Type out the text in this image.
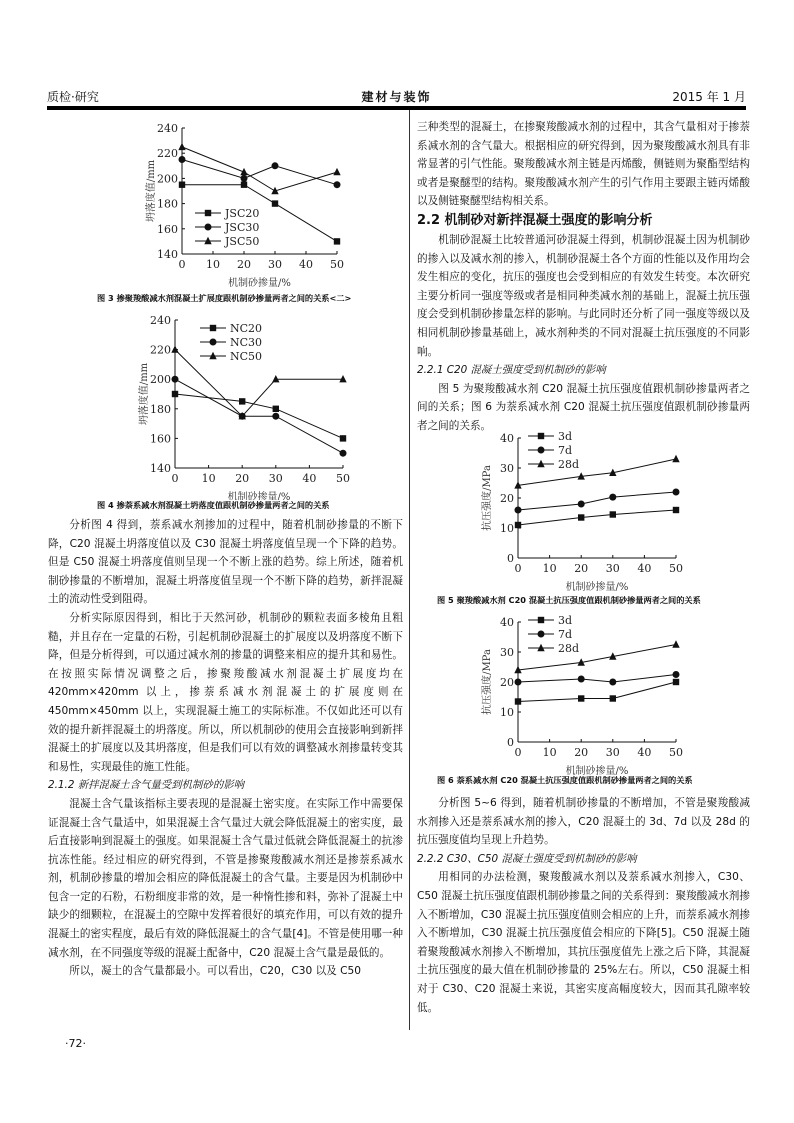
质检·研究	建材与装饰	2015 年 1 月
140
160
180
200
220
240
0 10 20 30 40 50
机制砂掺量/%
坍落度值/mm	JSC20
JSC30
JSC50
图 3 掺聚羧酸减水剂混凝土扩展度跟机制砂掺量两者之间的关系<二>
140
160
180
200
220
240
0 10 20 30 40 50
机制砂掺量/%
坍落度值/mm
NC20
NC30
NC50
图 4 掺萘系减水剂混凝土坍落度值跟机制砂掺量两者之间的关系

分析图 4 得到，萘系减水剂掺加的过程中，随着机制砂掺量的不断下降，C20 混凝土坍落度值以及 C30 混凝土坍落度值呈现一个下降的趋势。但是 C50 混凝土坍落度值则呈现一个不断上涨的趋势。综上所述，随着机制砂掺量的不断增加，混凝土坍落度值呈现一个不断下降的趋势，新拌混凝土的流动性受到阻碍。

分析实际原因得到，相比于天然河砂，机制砂的颗粒表面多棱角且粗糙，并且存在一定量的石粉，引起机制砂混凝土的扩展度以及坍落度不断下降，但是分析得到，可以通过减水剂的掺量的调整来相应的提升其和易性。在按照实际情况调整之后，掺聚羧酸减水剂混凝土扩展度均在 420mm×420mm 以上，掺萘系减水剂混凝土的扩展度则在 450mm×450mm 以上，实现混凝土施工的实际标准。不仅如此还可以有效的提升新拌混凝土的坍落度。所以，所以机制砂的使用会直接影响到新拌混凝土的扩展度以及其坍落度，但是我们可以有效的调整减水剂掺量转变其和易性，实现最佳的施工性能。

2.1.2 新拌混凝土含气量受到机制砂的影响

混凝土含气量该指标主要表现的是混凝土密实度。在实际工作中需要保证混凝土含气量适中，如果混凝土含气量过大就会降低混凝土的密实度，最后直接影响到混凝土的强度。如果混凝土含气量过低就会降低混凝土的抗渗抗冻性能。经过相应的研究得到，不管是掺聚羧酸减水剂还是掺萘系减水剂，机制砂掺量的增加会相应的降低混凝土的含气量。主要是因为机制砂中包含一定的石粉，石粉细度非常的效，是一种惰性掺和料，弥补了混凝土中缺少的细颗粒，在混凝土的空隙中发挥着很好的填充作用，可以有效的提升混凝土的密实程度，最后有效的降低混凝土的含气量[4]。不管是使用哪一种减水剂，在不同强度等级的混凝土配备中，C20 混凝土含气量是最低的。

所以，凝土的含气量都最小。可以看出，C20，C30 以及 C50

三种类型的混凝土，在掺聚羧酸减水剂的过程中，其含气量相对于掺萘系减水剂的含气量大。根据相应的研究得到，因为聚羧酸减水剂具有非常显著的引气性能。聚羧酸减水剂主链是丙烯酸，侧链则为聚酯型结构或者是聚醚型的结构。聚羧酸减水剂产生的引气作用主要跟主链丙烯酸以及侧链聚醚型结构相关系。

2.2 机制砂对新拌混凝土强度的影响分析

机制砂混凝土比较普通河砂混凝土得到，机制砂混凝土因为机制砂的掺入以及减水剂的掺入，机制砂混凝土各个方面的性能以及作用均会发生相应的变化，抗压的强度也会受到相应的有效发生转变。本次研究主要分析同一强度等级或者是相同种类减水剂的基础上，混凝土抗压强度会受到机制砂掺量怎样的影响。与此同时还分析了同一强度等级以及相同机制砂掺量基础上，减水剂种类的不同对混凝土抗压强度的不同影响。

2.2.1 C20 混凝土强度受到机制砂的影响

图 5 为聚羧酸减水剂 C20 混凝土抗压强度值跟机制砂掺量两者之间的关系；图 6 为萘系减水剂 C20 混凝土抗压强度值跟机制砂掺量两者之间的关系。

0
10
20
30
40
0 10 20 30 40 50
机制砂掺量/%
抗压强度/MPa
3d
7d
28d
图 5 聚羧酸减水剂 C20 混凝土抗压强度值跟机制砂掺量两者之间的关系
0
10
20
30
40
0 10 20 30 40 50
机制砂掺量/%
抗压强度/MPa
3d
7d
28d
图 6 萘系减水剂 C20 混凝土抗压强度值跟机制砂掺量两者之间的关系

分析图 5~6 得到，随着机制砂掺量的不断增加，不管是聚羧酸减水剂掺入还是萘系减水剂的掺入，C20 混凝土的 3d、7d 以及 28d 的抗压强度值均呈现上升趋势。

2.2.2 C30、C50 混凝土强度受到机制砂的影响

用相同的办法检测，聚羧酸减水剂以及萘系减水剂掺入，C30、C50 混凝土抗压强度值跟机制砂掺量之间的关系得到：聚羧酸减水剂掺入不断增加，C30 混凝土抗压强度值则会相应的上升，而萘系减水剂掺入不断增加，C30 混凝土抗压强度值会相应的下降[5]。C50 混凝土随着聚羧酸减水剂掺入不断增加，其抗压强度值先上涨之后下降，其混凝土抗压强度的最大值在机制砂掺量的 25%左右。所以，C50 混凝土相对于 C30、C20 混凝土来说，其密实度高幅度较大，因而其孔隙率较低。

·72·
